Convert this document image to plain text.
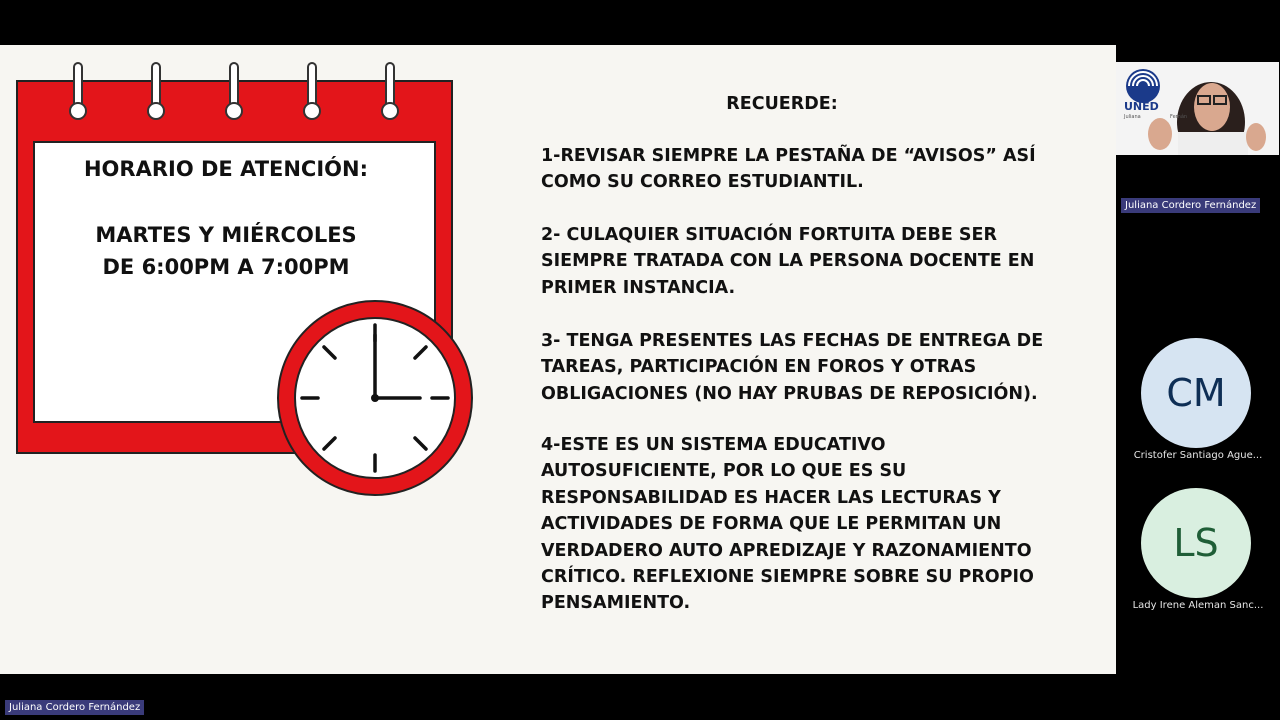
HORARIO DE ATENCIÓN:
MARTES Y MIÉRCOLES
DE 6:00PM A 7:00PM
RECUERDE:
1-REVISAR SIEMPRE LA PESTAÑA DE “AVISOS” ASÍ COMO SU CORREO ESTUDIANTIL.
2- CULAQUIER SITUACIÓN FORTUITA DEBE SER SIEMPRE TRATADA CON LA PERSONA DOCENTE EN PRIMER INSTANCIA.
3- TENGA PRESENTES LAS FECHAS DE ENTREGA DE TAREAS, PARTICIPACIÓN EN FOROS Y OTRAS OBLIGACIONES (NO HAY PRUBAS DE REPOSICIÓN).
4-ESTE ES UN SISTEMA EDUCATIVO AUTOSUFICIENTE, POR LO QUE ES SU RESPONSABILIDAD ES HACER LAS LECTURAS Y ACTIVIDADES DE FORMA QUE LE PERMITAN UN VERDADERO AUTO APREDIZAJE Y RAZONAMIENTO CRÍTICO. REFLEXIONE SIEMPRE SOBRE SU PROPIO PENSAMIENTO.
UNED
Juliana	Fernán
Juliana Cordero Fernández
CM
Cristofer Santiago Ague...
LS
Lady Irene Aleman Sanc...
Juliana Cordero Fernández
